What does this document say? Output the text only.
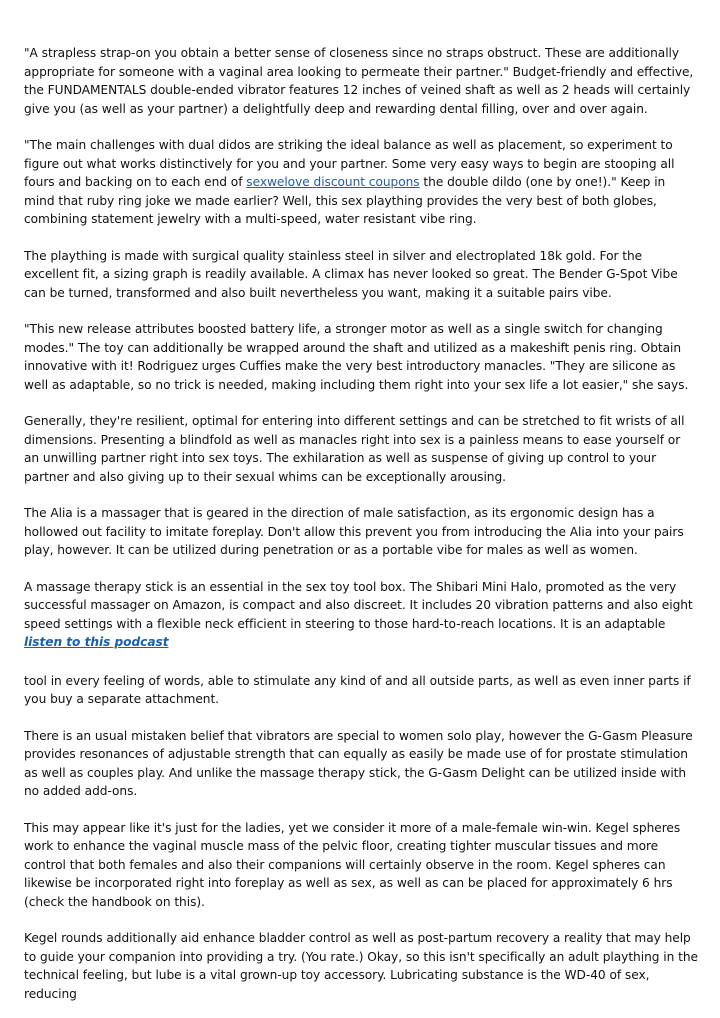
"A strapless strap-on you obtain a better sense of closeness since no straps obstruct. These are additionally appropriate for someone with a vaginal area looking to permeate their partner." Budget-friendly and effective, the FUNDAMENTALS double-ended vibrator features 12 inches of veined shaft as well as 2 heads will certainly give you (as well as your partner) a delightfully deep and rewarding dental filling, over and over again.

"The main challenges with dual didos are striking the ideal balance as well as placement, so experiment to figure out what works distinctively for you and your partner. Some very easy ways to begin are stooping all fours and backing on to each end of sexwelove discount coupons the double dildo (one by one!)." Keep in mind that ruby ring joke we made earlier? Well, this sex plaything provides the very best of both globes, combining statement jewelry with a multi-speed, water resistant vibe ring.

The plaything is made with surgical quality stainless steel in silver and electroplated 18k gold. For the excellent fit, a sizing graph is readily available. A climax has never looked so great. The Bender G-Spot Vibe can be turned, transformed and also built nevertheless you want, making it a suitable pairs vibe.

"This new release attributes boosted battery life, a stronger motor as well as a single switch for changing modes." The toy can additionally be wrapped around the shaft and utilized as a makeshift penis ring. Obtain innovative with it! Rodriguez urges Cuffies make the very best introductory manacles. "They are silicone as well as adaptable, so no trick is needed, making including them right into your sex life a lot easier," she says.

Generally, they're resilient, optimal for entering into different settings and can be stretched to fit wrists of all dimensions. Presenting a blindfold as well as manacles right into sex is a painless means to ease yourself or an unwilling partner right into sex toys. The exhilaration as well as suspense of giving up control to your partner and also giving up to their sexual whims can be exceptionally arousing.

The Alia is a massager that is geared in the direction of male satisfaction, as its ergonomic design has a hollowed out facility to imitate foreplay. Don't allow this prevent you from introducing the Alia into your pairs play, however. It can be utilized during penetration or as a portable vibe for males as well as women.

A massage therapy stick is an essential in the sex toy tool box. The Shibari Mini Halo, promoted as the very successful massager on Amazon, is compact and also discreet. It includes 20 vibration patterns and also eight speed settings with a flexible neck efficient in steering to those hard-to-reach locations. It is an adaptable listen to this podcast

tool in every feeling of words, able to stimulate any kind of and all outside parts, as well as even inner parts if you buy a separate attachment.

There is an usual mistaken belief that vibrators are special to women solo play, however the G-Gasm Pleasure provides resonances of adjustable strength that can equally as easily be made use of for prostate stimulation as well as couples play. And unlike the massage therapy stick, the G-Gasm Delight can be utilized inside with no added add-ons.

This may appear like it's just for the ladies, yet we consider it more of a male-female win-win. Kegel spheres work to enhance the vaginal muscle mass of the pelvic floor, creating tighter muscular tissues and more control that both females and also their companions will certainly observe in the room. Kegel spheres can likewise be incorporated right into foreplay as well as sex, as well as can be placed for approximately 6 hrs (check the handbook on this).

Kegel rounds additionally aid enhance bladder control as well as post-partum recovery a reality that may help to guide your companion into providing a try. (You rate.) Okay, so this isn't specifically an adult plaything in the technical feeling, but lube is a vital grown-up toy accessory. Lubricating substance is the WD-40 of sex, reducing
